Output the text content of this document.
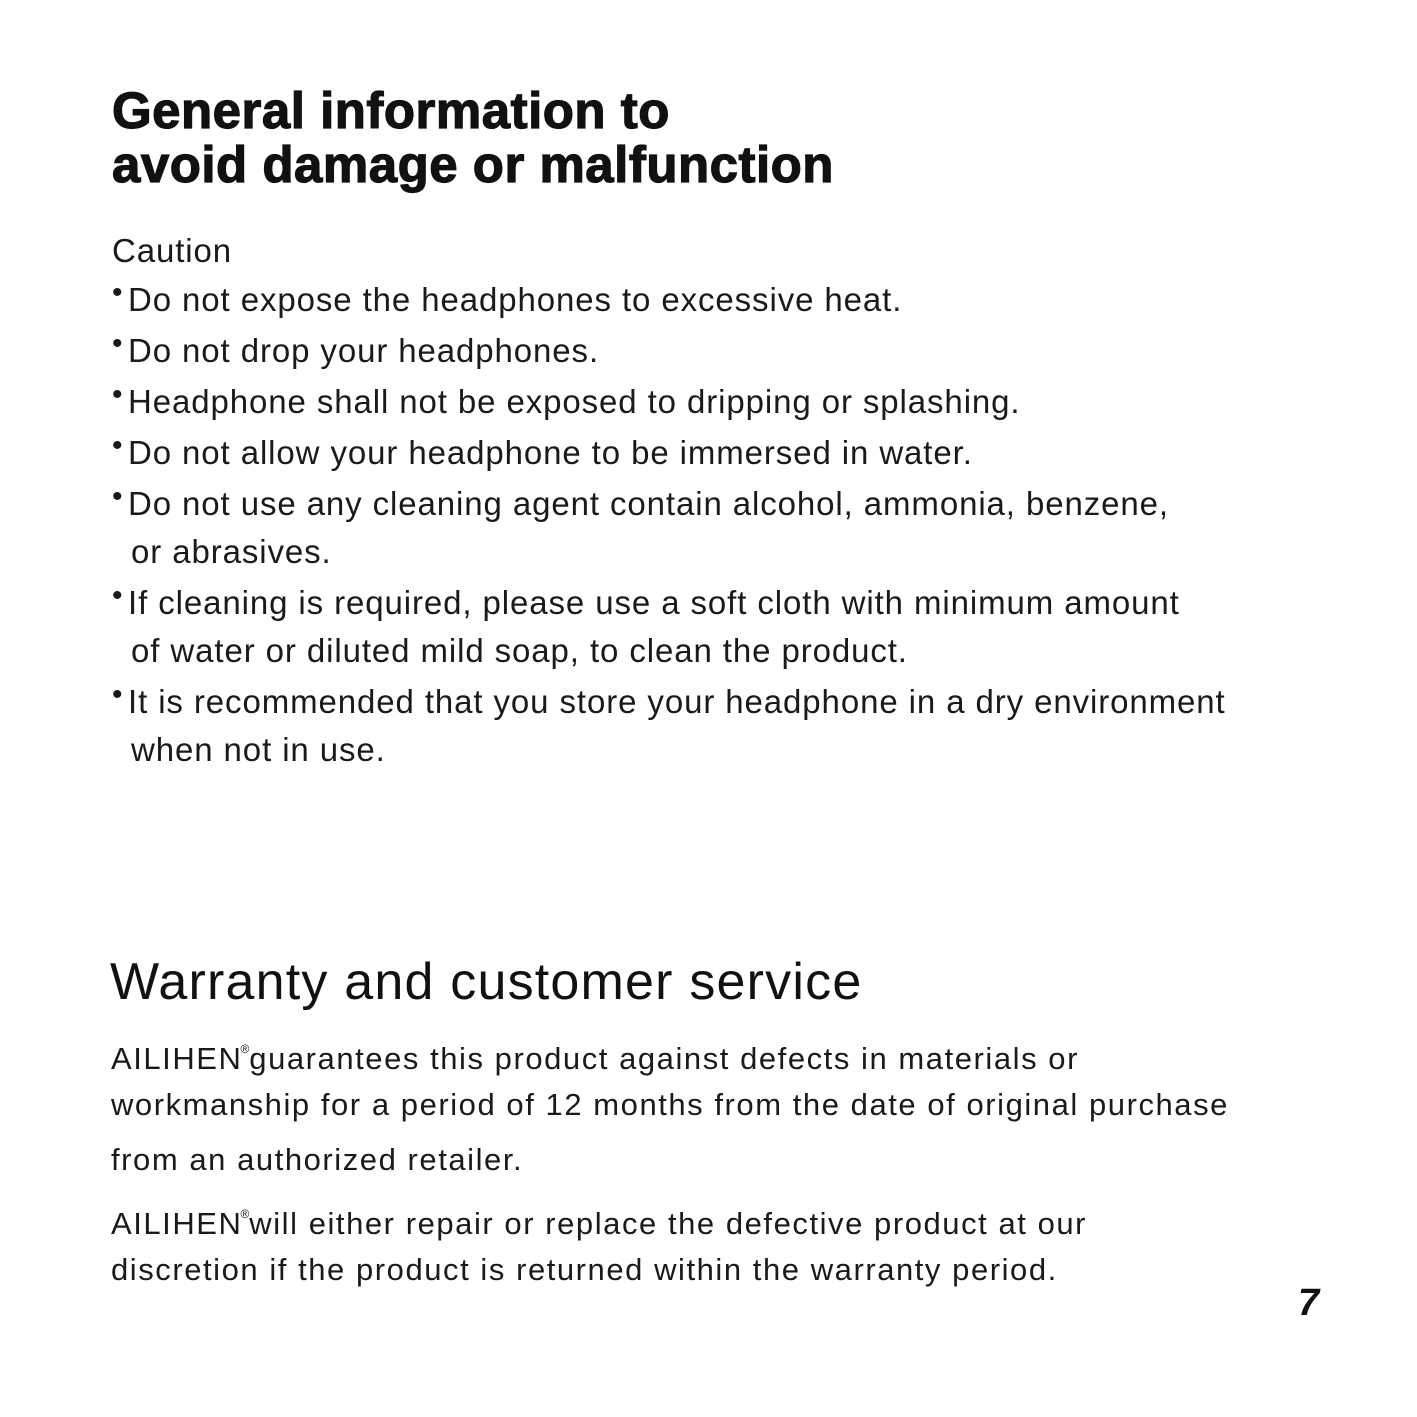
General information to
avoid damage or malfunction

Caution

• Do not expose the headphones to excessive heat.
• Do not drop your headphones.
• Headphone shall not be exposed to dripping or splashing.
• Do not allow your headphone to be immersed in water.
• Do not use any cleaning agent contain alcohol, ammonia, benzene,
or abrasives.
• If cleaning is required, please use a soft cloth with minimum amount
of water or diluted mild soap, to clean the product.
• It is recommended that you store your headphone in a dry environment
when not in use.
Warranty and customer service
AILIHEN®guarantees this product against defects in materials or
workmanship for a period of 12 months from the date of original purchase
from an authorized retailer.
AILIHEN®will either repair or replace the defective product at our
discretion if the product is returned within the warranty period.
7
